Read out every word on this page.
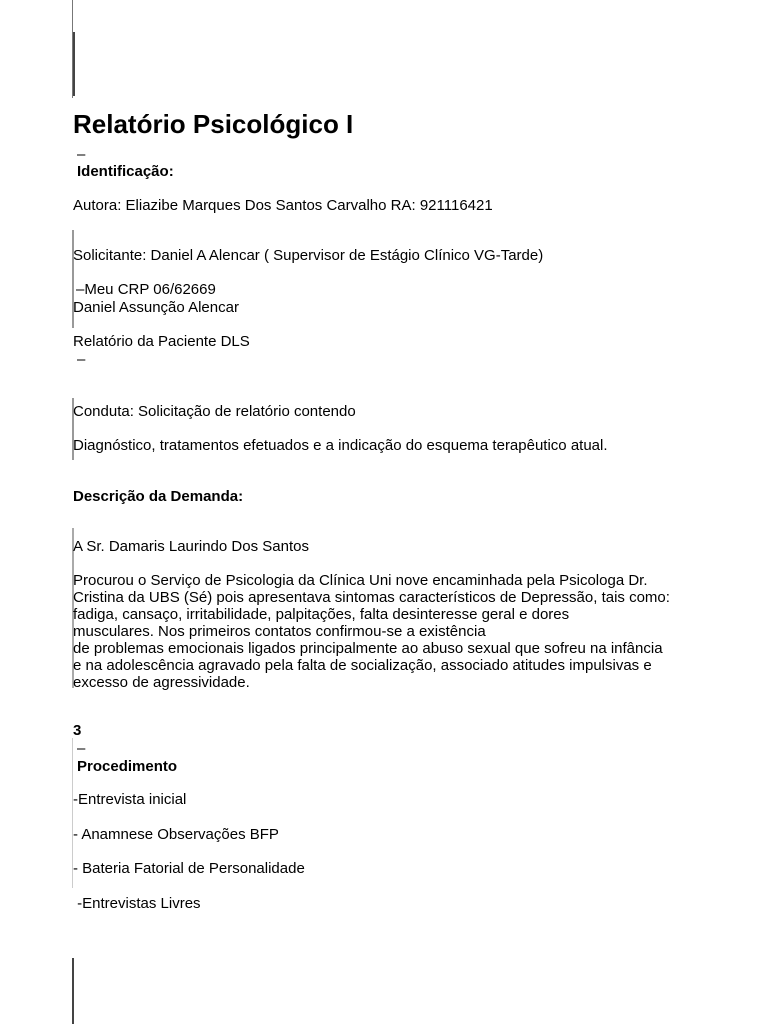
Relatório Psicológico I
–
Identificação:
Autora: Eliazibe Marques Dos Santos Carvalho RA: 921116421
Solicitante: Daniel A Alencar ( Supervisor de Estágio Clínico VG-Tarde)
–Meu CRP 06/62669
Daniel Assunção Alencar
Relatório da Paciente DLS
–
Conduta: Solicitação de relatório contendo
Diagnóstico, tratamentos efetuados e a indicação do esquema terapêutico atual.
Descrição da Demanda:
A Sr. Damaris Laurindo Dos Santos
Procurou o Serviço de Psicologia da Clínica Uni nove encaminhada pela Psicologa Dr.
Cristina da UBS (Sé) pois apresentava sintomas característicos de Depressão, tais como:
fadiga, cansaço, irritabilidade, palpitações, falta desinteresse geral e dores
musculares. Nos primeiros contatos confirmou-se a existência
de problemas emocionais ligados principalmente ao abuso sexual que sofreu na infância
e na adolescência agravado pela falta de socialização, associado atitudes impulsivas e
excesso de agressividade.
3
–
Procedimento
-Entrevista inicial
- Anamnese Observações BFP
- Bateria Fatorial de Personalidade
-Entrevistas Livres
